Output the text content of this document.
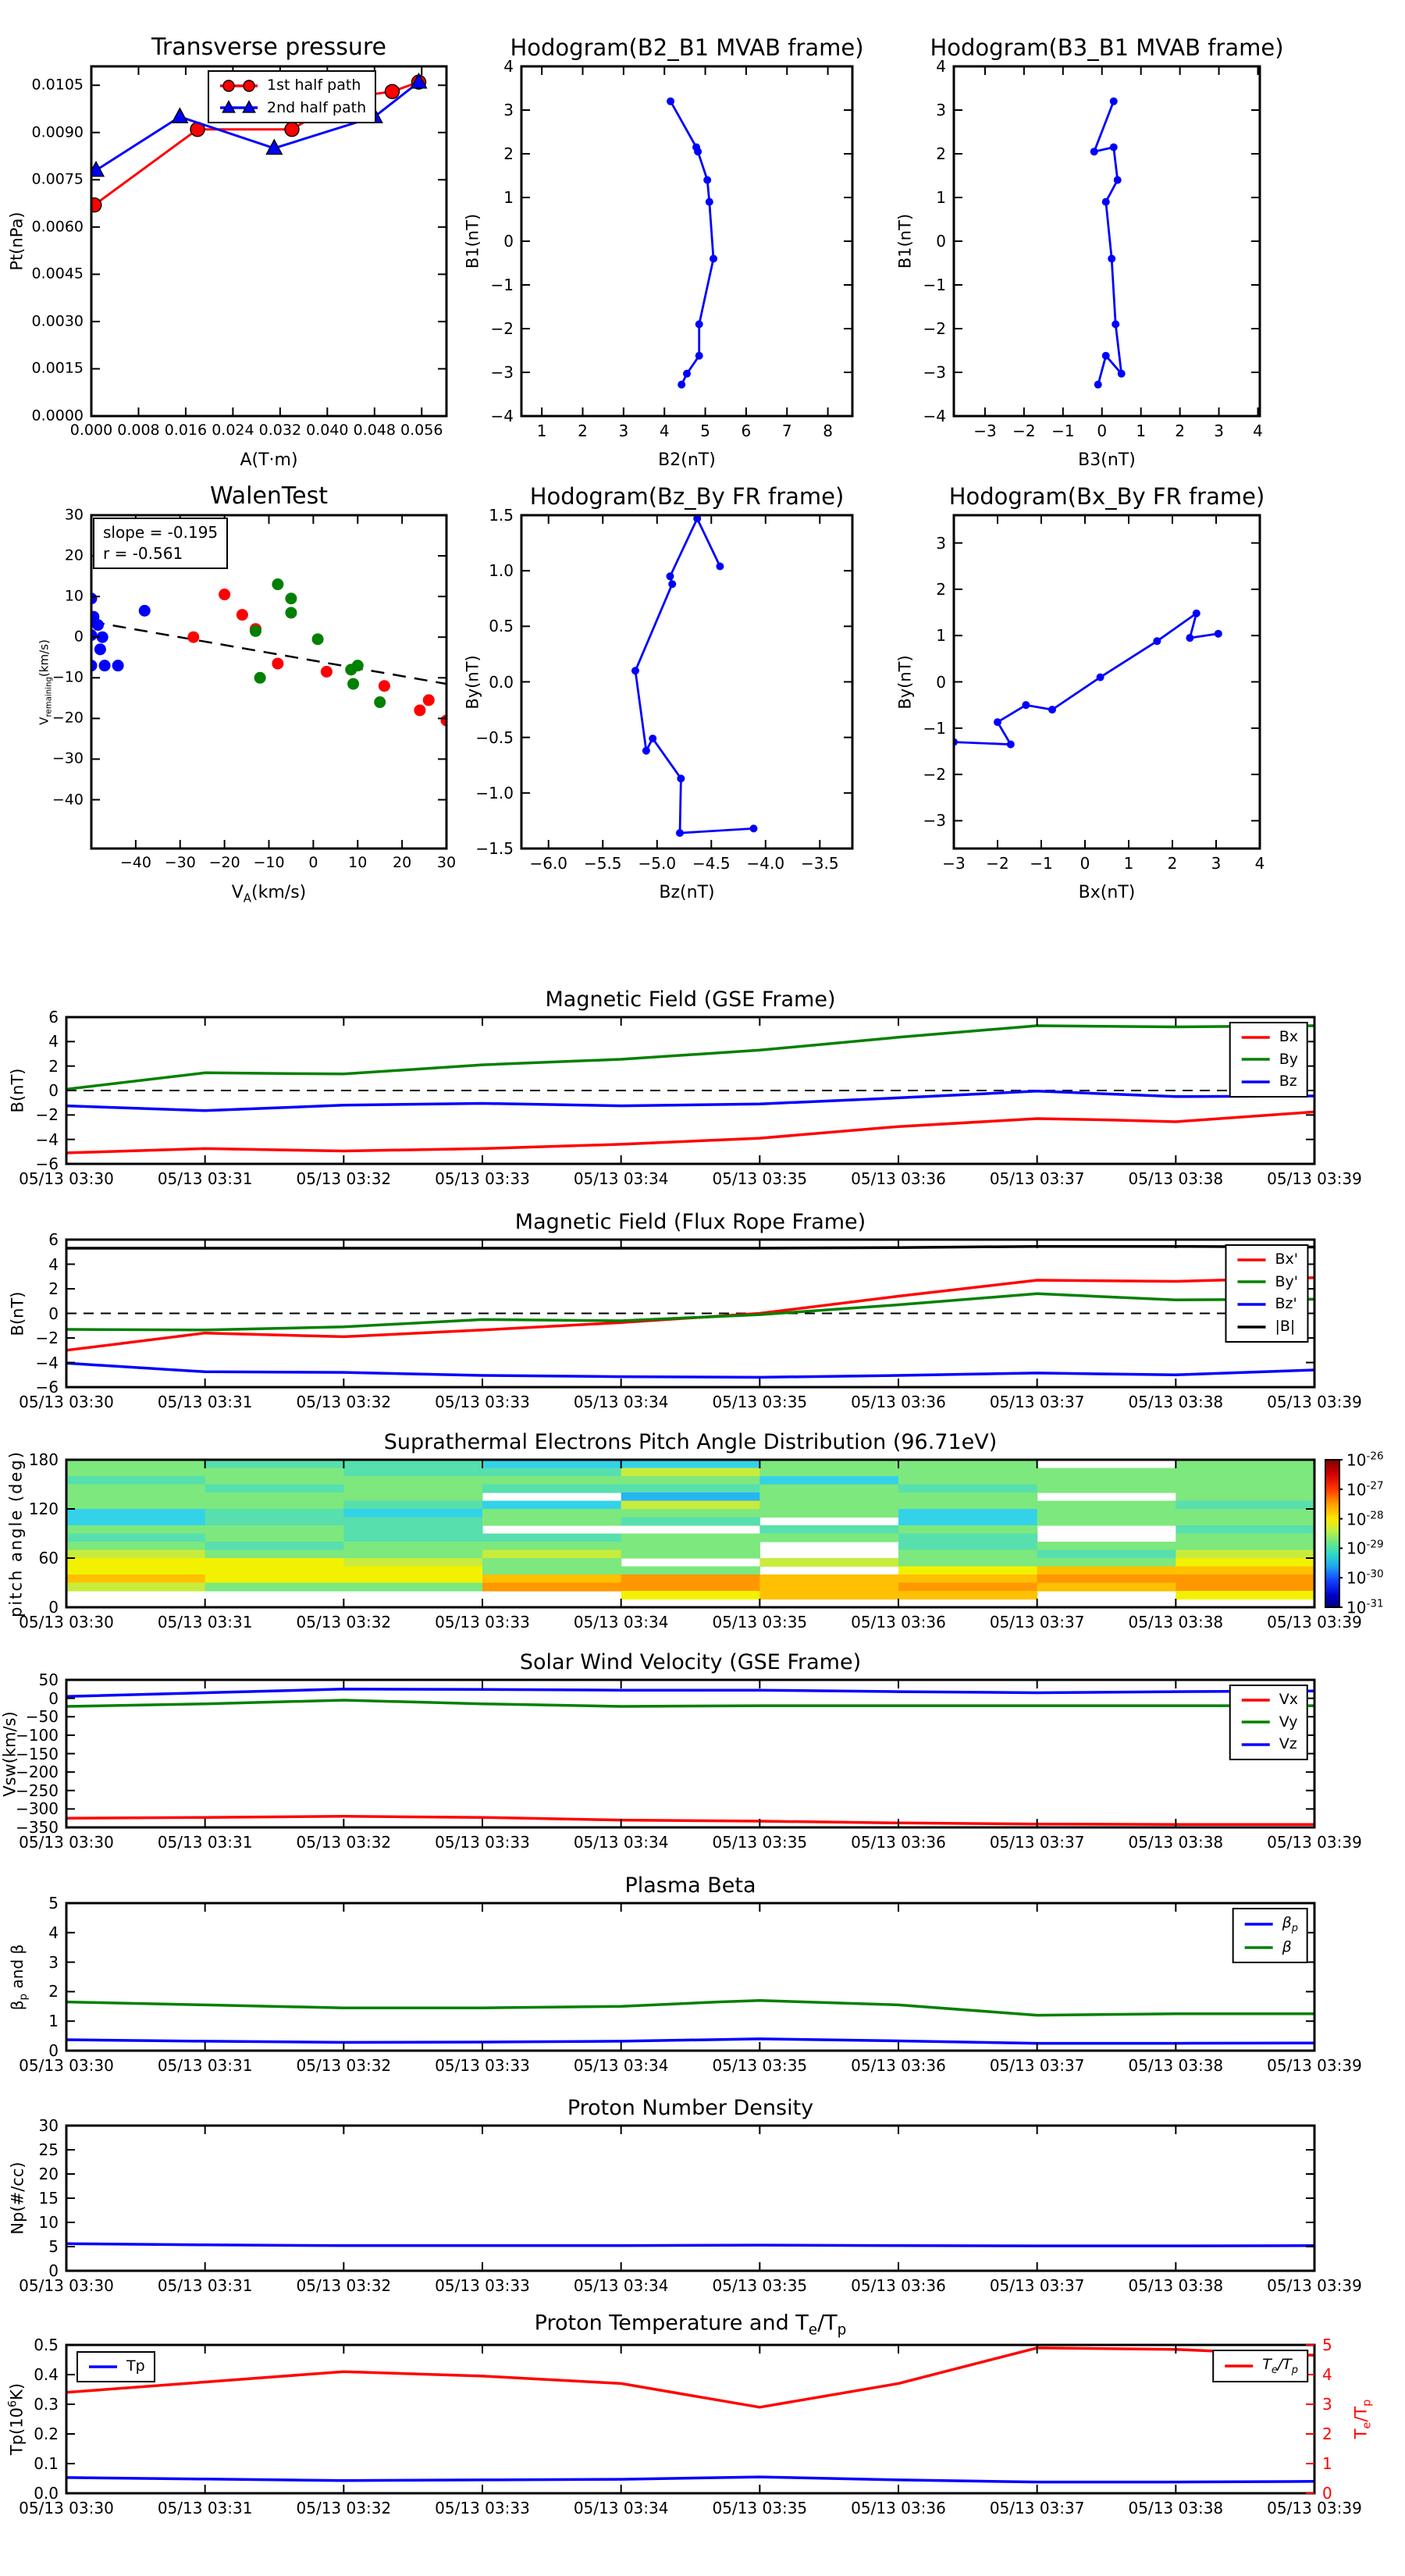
0.000 0.008 0.016 0.024 0.032 0.040 0.048 0.056
0.0000
0.0015
0.0030
0.0045
0.0060
0.0075
0.0090
0.0105
Transverse pressure
A(T·m)
Pt(nPa)
1st half path
2nd half path
1 2 3 4 5 6 7 8
−4
−3
−2
−1
0
1
2
3
4
Hodogram(B2_B1 MVAB frame)
B2(nT)
B1(nT)
−3 −2 −1 0 1 2 3 4
−4
−3
−2
−1
0
1
2
3
4
Hodogram(B3_B1 MVAB frame)
B3(nT)
B1(nT)
−40 −30 −20 −10 0 10 20 30
30
20
10
0
−10
−20
−30
−40
WalenTest
$V_A(km/s)$
$V_{remaining}(km/s)$
slope = -0.195
r = -0.561
−6.0 −5.5 −5.0 −4.5 −4.0 −3.5
−1.5
−1.0
−0.5
0.0
0.5
1.0
1.5
Hodogram(Bz_By FR frame)
Bz(nT)
By(nT)
−3 −2 −1 0 1 2 3 4
−3
−2
−1
0
1
2
3
Hodogram(Bx_By FR frame)
Bx(nT)
By(nT)
05/13 03:30	05/13 03:31	05/13 03:32	05/13 03:33	05/13 03:34	05/13 03:35	05/13 03:36	05/13 03:37	05/13 03:38	05/13 03:39
−6
−4
−2
0
2
4
6
Magnetic Field (GSE Frame)
B(nT)
Bx
By
Bz
05/13 03:30	05/13 03:31	05/13 03:32	05/13 03:33	05/13 03:34	05/13 03:35	05/13 03:36	05/13 03:37	05/13 03:38	05/13 03:39
−6
−4
−2
0
2
4
6
Magnetic Field (Flux Rope Frame)
B(nT)
Bx'
By'
Bz'
|B|
05/13 03:30	05/13 03:31	05/13 03:32	05/13 03:33	05/13 03:34	05/13 03:35	05/13 03:36	05/13 03:37	05/13 03:38	05/13 03:39
0
60
120
180
Suprathermal Electrons Pitch Angle Distribution (96.71eV)
pitch angle (deg)	$10^{-26}$
$10^{-27}$
$10^{-28}$
$10^{-29}$
$10^{-30}$
$10^{-31}$
05/13 03:30	05/13 03:31	05/13 03:32	05/13 03:33	05/13 03:34	05/13 03:35	05/13 03:36	05/13 03:37	05/13 03:38	05/13 03:39
50
0
−50
−100
−150
−200
−250
−300
−350
Solar Wind Velocity (GSE Frame)
Vsw(km/s)
Vx
Vy
Vz
05/13 03:30	05/13 03:31	05/13 03:32	05/13 03:33	05/13 03:34	05/13 03:35	05/13 03:36	05/13 03:37	05/13 03:38	05/13 03:39
0
1
2
3
4
5
Plasma Beta
$\beta_p$ and β
$\beta_p$
β
05/13 03:30	05/13 03:31	05/13 03:32	05/13 03:33	05/13 03:34	05/13 03:35	05/13 03:36	05/13 03:37	05/13 03:38	05/13 03:39
0
5
10
15
20
25
30
Proton Number Density
Np(#/cc)
05/13 03:30	05/13 03:31	05/13 03:32	05/13 03:33	05/13 03:34	05/13 03:35	05/13 03:36	05/13 03:37	05/13 03:38	05/13 03:39
0.0
0.1
0.2
0.3
0.4
0.5
0
1
2
3
4
5
$T_e/T_p$
Proton Temperature and $T_e/T_p$
$Tp(10^6K)$
Tp	$T_e/T_p$
